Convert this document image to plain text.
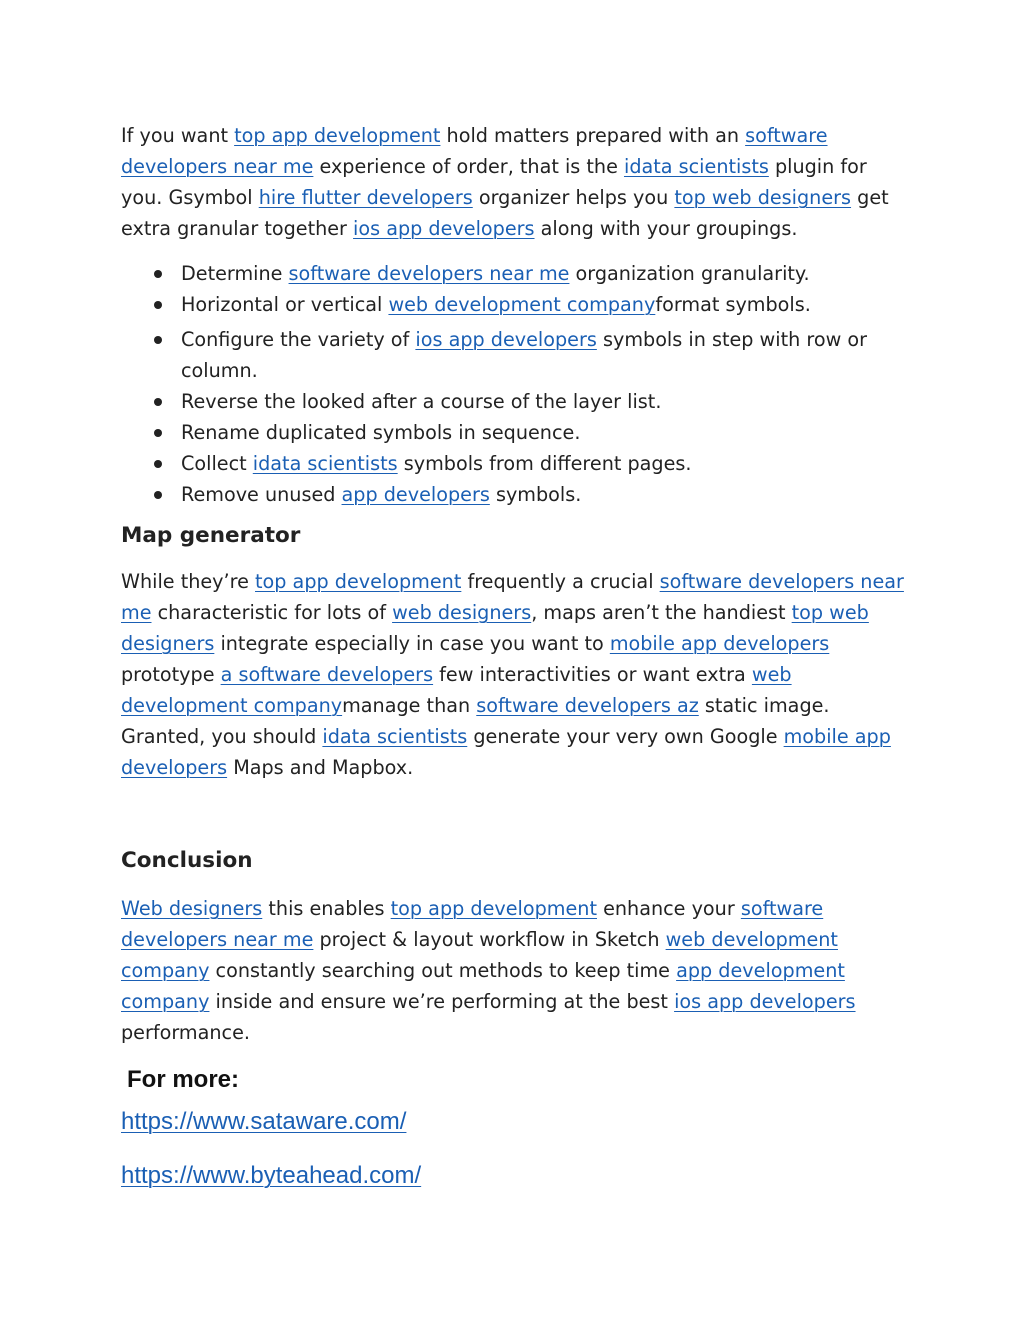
If you want top app development hold matters prepared with an software developers near me experience of order, that is the idata scientists plugin for you. Gsymbol hire flutter developers organizer helps you top web designers get extra granular together ios app developers along with your groupings.

Determine software developers near me organization granularity.
Horizontal or vertical web development companyformat symbols.
Configure the variety of ios app developers symbols in step with row or column.
Reverse the looked after a course of the layer list.
Rename duplicated symbols in sequence.
Collect idata scientists symbols from different pages.
Remove unused app developers symbols.
Map generator

While they’re top app development frequently a crucial software developers near me characteristic for lots of web designers, maps aren’t the handiest top web designers integrate especially in case you want to mobile app developers prototype a software developers few interactivities or want extra web development companymanage than software developers az static image. Granted, you should idata scientists generate your very own Google mobile app developers Maps and Mapbox.

Conclusion

Web designers this enables top app development enhance your software developers near me project & layout workflow in Sketch web development company constantly searching out methods to keep time app development company inside and ensure we’re performing at the best ios app developers performance.

For more:
https://www.sataware.com/
https://www.byteahead.com/
